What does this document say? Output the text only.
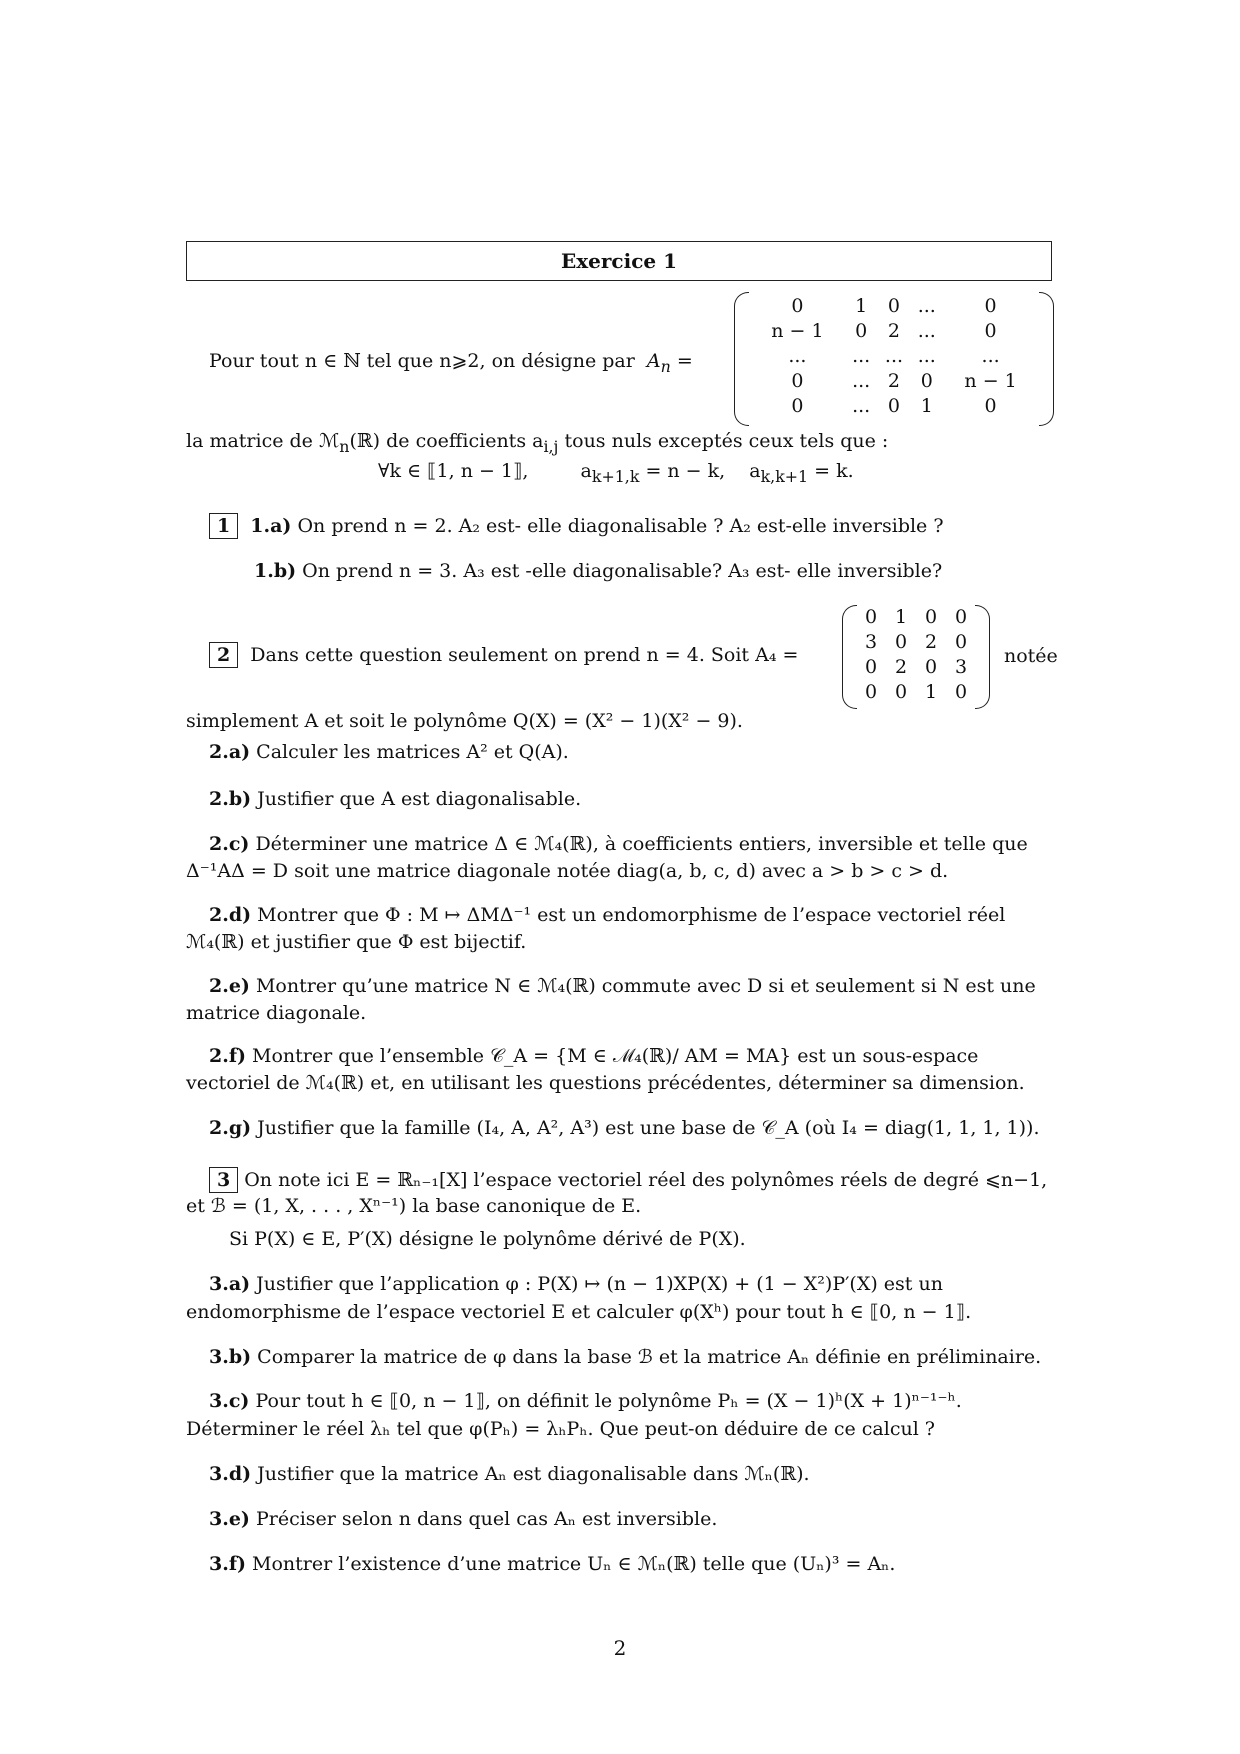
Exercice 1
Pour tout n ∈ ℕ tel que n⩾2, on désigne par $A_n$ =
0	1	0	...	0
n − 1	0	2	...	0
...	...	...	...	...
0	...	2	0	n − 1
0	...	0	1	0
la matrice de ℳ$_n$(ℝ) de coefficients $a_{i,j}$ tous nuls exceptés ceux tels que :
∀k ∈ ⟦1, n − 1⟧,	$a_{k+1,k} = n - k$, $a_{k,k+1} = k$.
1 1.a) On prend n = 2. A₂ est- elle diagonalisable ? A₂ est-elle inversible ?
1.b) On prend n = 3. A₃ est -elle diagonalisable? A₃ est- elle inversible?
2 Dans cette question seulement on prend n = 4. Soit A₄ =
0	1	0	0
3	0	2	0
0	2	0	3
0	0	1	0
notée
simplement A et soit le polynôme Q(X) = (X² − 1)(X² − 9).
2.a) Calculer les matrices A² et Q(A).
2.b) Justifier que A est diagonalisable.
2.c) Déterminer une matrice Δ ∈ ℳ₄(ℝ), à coefficients entiers, inversible et telle que
Δ⁻¹AΔ = D soit une matrice diagonale notée diag(a, b, c, d) avec a > b > c > d.
2.d) Montrer que Φ : M ↦ ΔMΔ⁻¹ est un endomorphisme de l’espace vectoriel réel
ℳ₄(ℝ) et justifier que Φ est bijectif.
2.e) Montrer qu’une matrice N ∈ ℳ₄(ℝ) commute avec D si et seulement si N est une
matrice diagonale.
2.f) Montrer que l’ensemble 𝒞_A = {M ∈ ℳ₄(ℝ)/ AM = MA} est un sous-espace
vectoriel de ℳ₄(ℝ) et, en utilisant les questions précédentes, déterminer sa dimension.
2.g) Justifier que la famille (I₄, A, A², A³) est une base de 𝒞_A (où I₄ = diag(1, 1, 1, 1)).
3 On note ici E = ℝₙ₋₁[X] l’espace vectoriel réel des polynômes réels de degré ⩽n−1,
et ℬ = (1, X, . . . , Xⁿ⁻¹) la base canonique de E.
Si P(X) ∈ E, P′(X) désigne le polynôme dérivé de P(X).
3.a) Justifier que l’application φ : P(X) ↦ (n − 1)XP(X) + (1 − X²)P′(X) est un
endomorphisme de l’espace vectoriel E et calculer φ(Xʰ) pour tout h ∈ ⟦0, n − 1⟧.
3.b) Comparer la matrice de φ dans la base ℬ et la matrice Aₙ définie en préliminaire.
3.c) Pour tout h ∈ ⟦0, n − 1⟧, on définit le polynôme Pₕ = (X − 1)ʰ(X + 1)ⁿ⁻¹⁻ʰ.
Déterminer le réel λₕ tel que φ(Pₕ) = λₕPₕ. Que peut-on déduire de ce calcul ?
3.d) Justifier que la matrice Aₙ est diagonalisable dans ℳₙ(ℝ).
3.e) Préciser selon n dans quel cas Aₙ est inversible.
3.f) Montrer l’existence d’une matrice Uₙ ∈ ℳₙ(ℝ) telle que (Uₙ)³ = Aₙ.
2
